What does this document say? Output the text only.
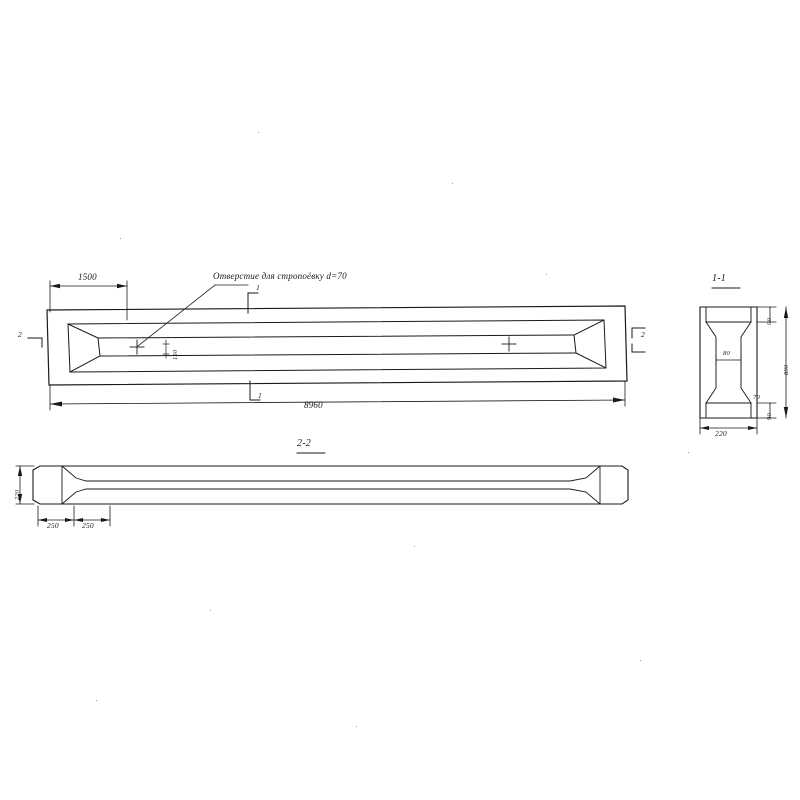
1500	Отверстие для стропоёвку d=70
150
8960
2	2
1
1
2-2
220
250	250
1-1
220
890
90
90
80
70
